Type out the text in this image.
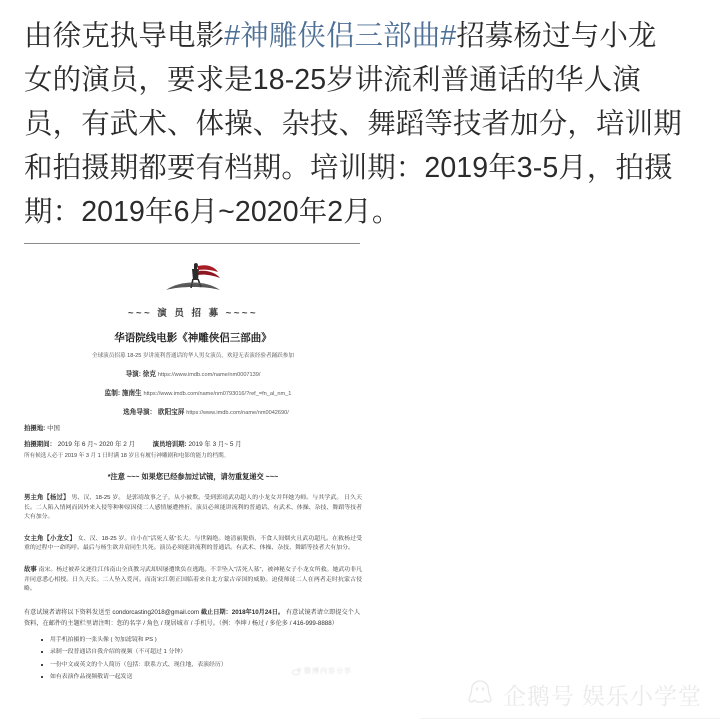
由徐克执导电影#神雕侠侣三部曲#招募杨过与小龙女的演员，要求是18-25岁讲流利普通话的华人演员，有武术、体操、杂技、舞蹈等技者加分，培训期和拍摄期都要有档期。培训期：2019年3-5月，拍摄期：2019年6月~2020年2月。
~~~ 演 员 招 募 ~~~~
华语院线电影《神雕侠侣三部曲》
全球演员招募 18-25 岁讲流利普通话的华人男女演员，欢迎无表演经验者踊跃参加
导演: 徐克 https://www.imdb.com/name/nm0007139/
监制: 施南生 https://www.imdb.com/name/nm0793016/?ref_=fn_al_nm_1
选角导演： 欧阳宝屏 https://www.imdb.com/name/nm0042690/
拍摄地: 中国
拍摄期间： 2019 年 6 月~ 2020 年 2 月	演员培训期: 2019 年 3 月~ 5 月
所有候选人必于 2019 年 3 月 1 日时满 18 岁且有履行神雕剧和电影的能力的档期。
*注意 ~~~ 如果您已经参加过试镜，请勿重复递交 ~~~
男主角【杨过】 男、汉、18-25 岁。 是郭靖故事之子，从小被欺。受到郭靖武功超人的小龙女并拜她为师。与其学武。 日久天长。二人陷入情网而因外来入侵等种种原因使二人感情屡遭挫折。演员必须能讲流利的普通话、有武术、体操、杂技、舞蹈等技者大有加分。
女主角【小龙女】 女、汉、18-25 岁。自小在“活死人墓”长大。与世隔绝。她清丽脱俗，不食人间烟火且武功超凡。在救杨过受重的过程中一命呜呼。最后与杨生欲并肩同生共死。演员必须能讲流利的普通话。有武术、体操、杂技、舞蹈等技者大有加分。
故事 南宋。杨过被养父逐往江伟南山全真教习武却因屡遭欺负在逃跑。不幸坠入“活死人墓”，被神秘女子小龙女所救。她武功非凡并同意悉心相授。日久天长。二人坠入爱河。而南宋江朝正国临着来自北方蒙古帝国的威胁。迫使师徒二人在两者走时抗蒙古侵略。
有意试镜者请将以下资料发送至 condorcasting2018@gmail.com 截止日期：2018年10月24日。 有意试镜者请立即提交个人资料，在邮件的主题栏里请注明：您的名字 / 角色 / 现居城市 / 手机号。（例：李坤 / 杨过 / 多伦多 / 416-999-8888）
用手机拍摄的一张头像 ( 勿加滤镜和 PS )
录制一段普通话自我介绍的视频（不可超过 1 分钟）
一份中文或英文的个人简历（包括：联系方式、现住地、表演经历）
如有表演作品视频敬请一起发送
微博内容分享
企鹅号 娱乐小学堂
